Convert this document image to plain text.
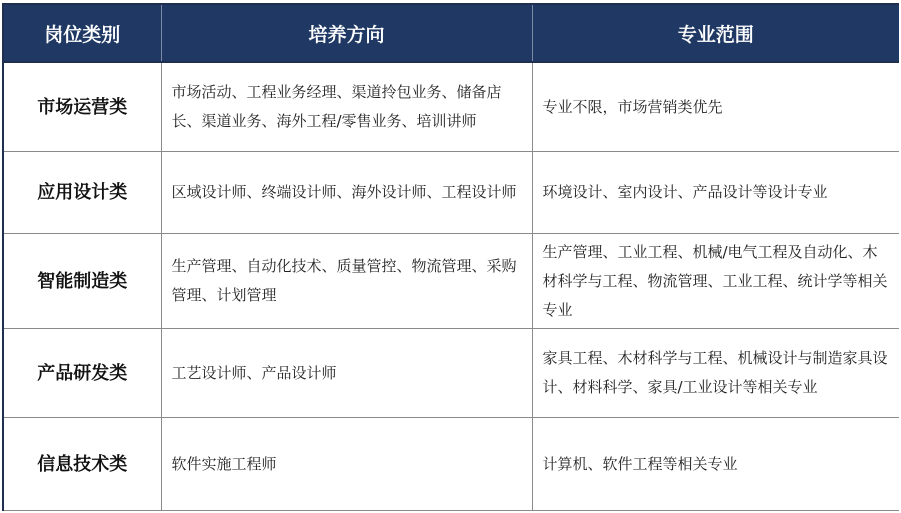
岗位类别	培养方向	专业范围
市场运营类	市场活动、工程业务经理、渠道拎包业务、储备店长、渠道业务、海外工程/零售业务、培训讲师	专业不限，市场营销类优先
应用设计类	区域设计师、终端设计师、海外设计师、工程设计师	环境设计、室内设计、产品设计等设计专业
智能制造类	生产管理、自动化技术、质量管控、物流管理、采购管理、计划管理	生产管理、工业工程、机械/电气工程及自动化、木材科学与工程、物流管理、工业工程、统计学等相关专业
产品研发类	工艺设计师、产品设计师	家具工程、木材科学与工程、机械设计与制造家具设计、材料科学、家具/工业设计等相关专业
信息技术类	软件实施工程师	计算机、软件工程等相关专业
